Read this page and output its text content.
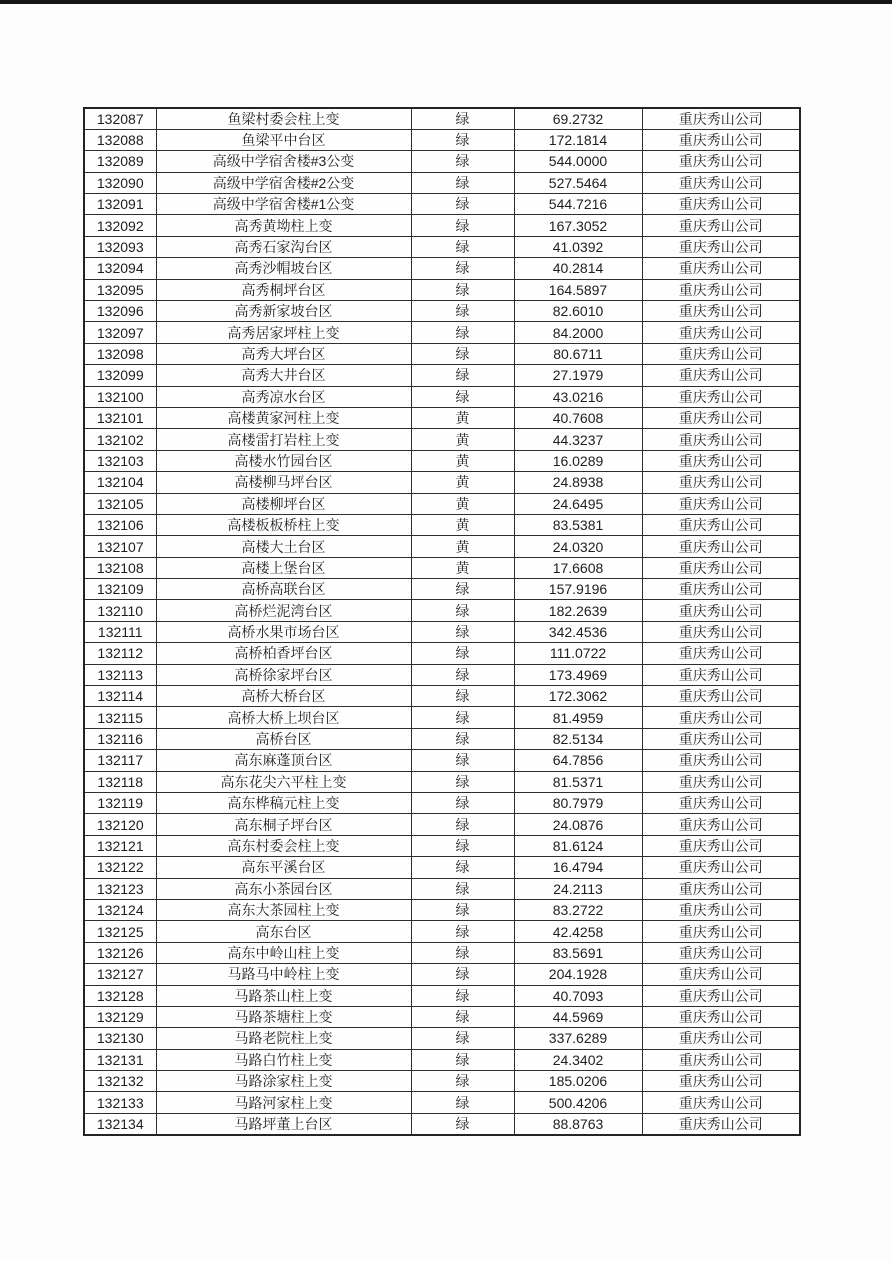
132087	鱼梁村委会柱上变	绿	69.2732	重庆秀山公司
132088	鱼梁平中台区	绿	172.1814	重庆秀山公司
132089	高级中学宿舍楼#3公变	绿	544.0000	重庆秀山公司
132090	高级中学宿舍楼#2公变	绿	527.5464	重庆秀山公司
132091	高级中学宿舍楼#1公变	绿	544.7216	重庆秀山公司
132092	高秀黄坳柱上变	绿	167.3052	重庆秀山公司
132093	高秀石家沟台区	绿	41.0392	重庆秀山公司
132094	高秀沙帽坡台区	绿	40.2814	重庆秀山公司
132095	高秀桐坪台区	绿	164.5897	重庆秀山公司
132096	高秀新家坡台区	绿	82.6010	重庆秀山公司
132097	高秀居家坪柱上变	绿	84.2000	重庆秀山公司
132098	高秀大坪台区	绿	80.6711	重庆秀山公司
132099	高秀大井台区	绿	27.1979	重庆秀山公司
132100	高秀凉水台区	绿	43.0216	重庆秀山公司
132101	高楼黄家河柱上变	黄	40.7608	重庆秀山公司
132102	高楼雷打岩柱上变	黄	44.3237	重庆秀山公司
132103	高楼水竹园台区	黄	16.0289	重庆秀山公司
132104	高楼柳马坪台区	黄	24.8938	重庆秀山公司
132105	高楼柳坪台区	黄	24.6495	重庆秀山公司
132106	高楼板板桥柱上变	黄	83.5381	重庆秀山公司
132107	高楼大土台区	黄	24.0320	重庆秀山公司
132108	高楼上堡台区	黄	17.6608	重庆秀山公司
132109	高桥高联台区	绿	157.9196	重庆秀山公司
132110	高桥烂泥湾台区	绿	182.2639	重庆秀山公司
132111	高桥水果市场台区	绿	342.4536	重庆秀山公司
132112	高桥柏香坪台区	绿	111.0722	重庆秀山公司
132113	高桥徐家坪台区	绿	173.4969	重庆秀山公司
132114	高桥大桥台区	绿	172.3062	重庆秀山公司
132115	高桥大桥上坝台区	绿	81.4959	重庆秀山公司
132116	高桥台区	绿	82.5134	重庆秀山公司
132117	高东麻蓬顶台区	绿	64.7856	重庆秀山公司
132118	高东花尖六平柱上变	绿	81.5371	重庆秀山公司
132119	高东桦稿元柱上变	绿	80.7979	重庆秀山公司
132120	高东桐子坪台区	绿	24.0876	重庆秀山公司
132121	高东村委会柱上变	绿	81.6124	重庆秀山公司
132122	高东平溪台区	绿	16.4794	重庆秀山公司
132123	高东小茶园台区	绿	24.2113	重庆秀山公司
132124	高东大茶园柱上变	绿	83.2722	重庆秀山公司
132125	高东台区	绿	42.4258	重庆秀山公司
132126	高东中岭山柱上变	绿	83.5691	重庆秀山公司
132127	马路马中岭柱上变	绿	204.1928	重庆秀山公司
132128	马路茶山柱上变	绿	40.7093	重庆秀山公司
132129	马路茶塘柱上变	绿	44.5969	重庆秀山公司
132130	马路老院柱上变	绿	337.6289	重庆秀山公司
132131	马路白竹柱上变	绿	24.3402	重庆秀山公司
132132	马路涂家柱上变	绿	185.0206	重庆秀山公司
132133	马路河家柱上变	绿	500.4206	重庆秀山公司
132134	马路坪董上台区	绿	88.8763	重庆秀山公司
